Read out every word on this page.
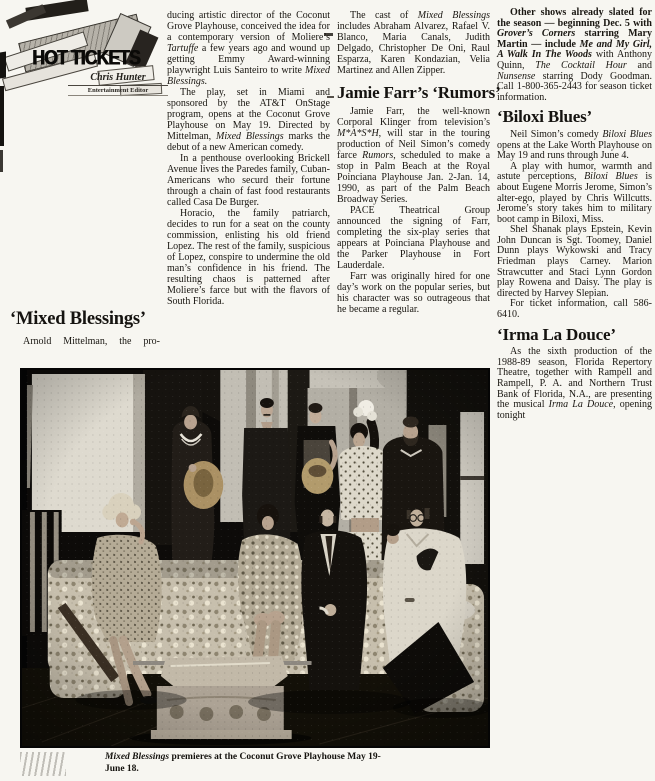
HOT TICKETS
Chris Hunter
Entertainment Editor
‘Mixed Blessings’

Arnold Mittelman, the pro-

ducing artistic director of the Coconut Grove Playhouse, conceived the idea for a contemporary version of Moliere’s Tartuffe a few years ago and wound up getting Emmy Award-winning playwright Luis Santeiro to write Mixed Blessings.

The play, set in Miami and sponsored by the AT&T OnStage program, opens at the Coconut Grove Playhouse on May 19. Directed by Mittelman, Mixed Blessings marks the debut of a new American comedy.

In a penthouse overlooking Brickell Avenue lives the Paredes family, Cuban-Americans who securd their fortune through a chain of fast food restaurants called Casa De Burger.

Horacio, the family patriarch, decides to run for a seat on the county commission, enlisting his old friend Lopez. The rest of the family, suspicious of Lopez, conspire to undermine the old man’s confidence in his friend. The resulting chaos is patterned after Moliere’s farce but with the flavors of South Florida.

The cast of Mixed Blessings includes Abraham Alvarez, Rafael V. Blanco, Maria Canals, Judith Delgado, Christopher De Oni, Raul Esparza, Karen Kondazian, Velia Martinez and Allen Zipper.

Jamie Farr’s ‘Rumors’

Jamie Farr, the well-known Corporal Klinger from television’s M*A*S*H, will star in the touring production of Neil Simon’s comedy farce Rumors, scheduled to make a stop in Palm Beach at the Royal Poinciana Playhouse Jan. 2-Jan. 14, 1990, as part of the Palm Beach Broadway Series.

PACE Theatrical Group announced the signing of Farr, completing the six-play series that appears at Poinciana Playhouse and the Parker Playhouse in Fort Lauderdale.

Farr was originally hired for one day’s work on the popular series, but his character was so outrageous that he became a regular.

Other shows already slated for the season — beginning Dec. 5 with Grover’s Corners starring Mary Martin — include Me and My Girl, A Walk In The Woods with Anthony Quinn, The Cocktail Hour and Nunsense starring Dody Goodman. Call 1-800-365-2443 for season ticket information.

‘Biloxi Blues’

Neil Simon’s comedy Biloxi Blues opens at the Lake Worth Playhouse on May 19 and runs through June 4.

A play with humor, warmth and astute perceptions, Biloxi Blues is about Eugene Morris Jerome, Simon’s alter-ego, played by Chris Willcutts. Jerome’s story takes him to military boot camp in Biloxi, Miss.

Shel Shanak plays Epstein, Kevin John Duncan is Sgt. Toomey, Daniel Dunn plays Wykowski and Tracy Friedman plays Carney. Marion Strawcutter and Staci Lynn Gordon play Rowena and Daisy. The play is directed by Harvey Slepian.

For ticket information, call 586-6410.

‘Irma La Douce’

As the sixth production of the 1988-89 season, Florida Repertory Theatre, together with Rampell and Rampell, P. A. and Northern Trust Bank of Florida, N.A., are presenting the musical Irma La Douce, opening tonight

Mixed Blessings premieres at the Coconut Grove Playhouse May 19-
June 18.
